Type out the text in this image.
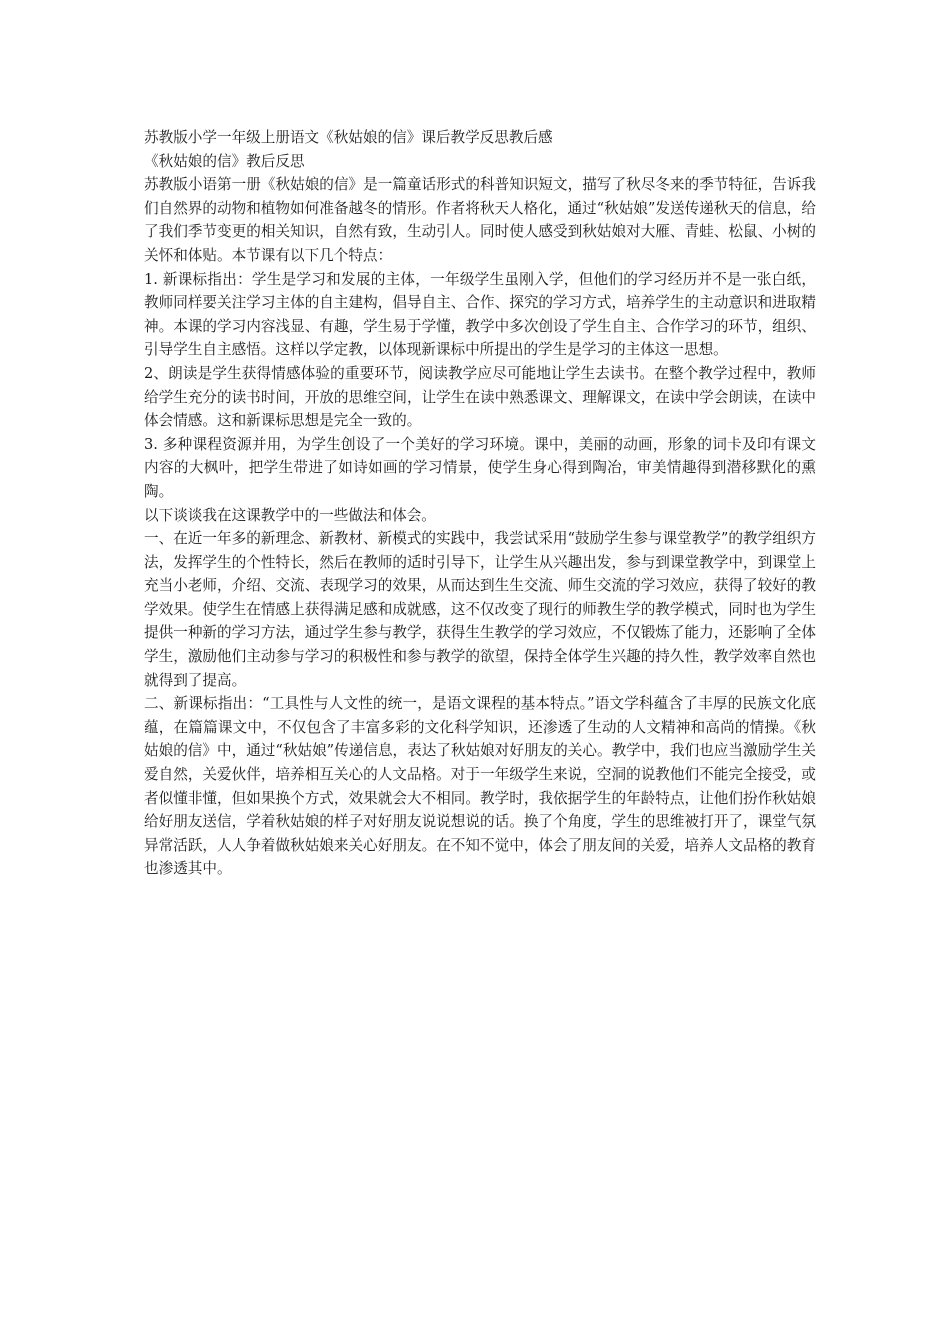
苏教版小学一年级上册语文《秋姑娘的信》课后教学反思教后感

《秋姑娘的信》教后反思

苏教版小语第一册《秋姑娘的信》是一篇童话形式的科普知识短文，描写了秋尽冬来的季节特征，告诉我们自然界的动物和植物如何准备越冬的情形。作者将秋天人格化，通过“秋姑娘”发送传递秋天的信息，给了我们季节变更的相关知识，自然有致，生动引人。同时使人感受到秋姑娘对大雁、青蛙、松鼠、小树的关怀和体贴。本节课有以下几个特点：

1. 新课标指出：学生是学习和发展的主体，一年级学生虽刚入学，但他们的学习经历并不是一张白纸，教师同样要关注学习主体的自主建构，倡导自主、合作、探究的学习方式，培养学生的主动意识和进取精神。本课的学习内容浅显、有趣，学生易于学懂，教学中多次创设了学生自主、合作学习的环节，组织、引导学生自主感悟。这样以学定教，以体现新课标中所提出的学生是学习的主体这一思想。

2、朗读是学生获得情感体验的重要环节，阅读教学应尽可能地让学生去读书。在整个教学过程中，教师给学生充分的读书时间，开放的思维空间，让学生在读中熟悉课文、理解课文，在读中学会朗读，在读中体会情感。这和新课标思想是完全一致的。

3. 多种课程资源并用，为学生创设了一个美好的学习环境。课中，美丽的动画，形象的词卡及印有课文内容的大枫叶，把学生带进了如诗如画的学习情景，使学生身心得到陶冶，审美情趣得到潜移默化的熏陶。

以下谈谈我在这课教学中的一些做法和体会。

一、在近一年多的新理念、新教材、新模式的实践中，我尝试采用“鼓励学生参与课堂教学”的教学组织方法，发挥学生的个性特长，然后在教师的适时引导下，让学生从兴趣出发，参与到课堂教学中，到课堂上充当小老师，介绍、交流、表现学习的效果，从而达到生生交流、师生交流的学习效应，获得了较好的教学效果。使学生在情感上获得满足感和成就感，这不仅改变了现行的师教生学的教学模式，同时也为学生提供一种新的学习方法，通过学生参与教学，获得生生教学的学习效应，不仅锻炼了能力，还影响了全体学生，激励他们主动参与学习的积极性和参与教学的欲望，保持全体学生兴趣的持久性，教学效率自然也就得到了提高。

二、新课标指出：“工具性与人文性的统一，是语文课程的基本特点。”语文学科蕴含了丰厚的民族文化底蕴，在篇篇课文中，不仅包含了丰富多彩的文化科学知识，还渗透了生动的人文精神和高尚的情操。《秋姑娘的信》中，通过“秋姑娘”传递信息，表达了秋姑娘对好朋友的关心。教学中，我们也应当激励学生关爱自然，关爱伙伴，培养相互关心的人文品格。对于一年级学生来说，空洞的说教他们不能完全接受，或者似懂非懂，但如果换个方式，效果就会大不相同。教学时，我依据学生的年龄特点，让他们扮作秋姑娘给好朋友送信，学着秋姑娘的样子对好朋友说说想说的话。换了个角度，学生的思维被打开了，课堂气氛异常活跃，人人争着做秋姑娘来关心好朋友。在不知不觉中，体会了朋友间的关爱，培养人文品格的教育也渗透其中。
